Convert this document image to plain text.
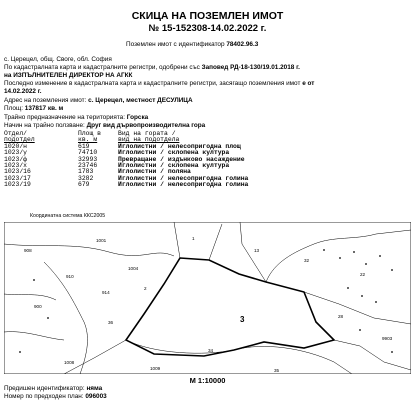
СКИЦА НА ПОЗЕМЛЕН ИМОТ
№ 15-152308-14.02.2022 г.
Поземлен имот с идентификатор 78402.96.3
с. Церецел, общ. Своге, обл. София
По кадастралната карта и кадастралните регистри, одобрени със Заповед РД-18-130/19.01.2018 г.
на ИЗПЪЛНИТЕЛЕН ДИРЕКТОР НА АГКК
Последно изменение в кадастралната карта и кадастралните регистри, засягащо поземления имот е от
14.02.2022 г.
Адрес на поземления имот: с. Церецел, местност ДЕСУЛИЦА
Площ: 137817 кв. м
Трайно предназначение на територията: Горска
Начин на трайно ползване: Друг вид дървопроизводителна гора
Отдел/
подотдел
1020/н
1023/у
1023/ф
1023/х
1023/16
1023/17
1023/19
Площ в
кв. м
619
74710
32993
23746
1783
3282
679
Вид на гората /
вид на подотдела
Иглолистни / нелесопригодна площ
Иглолистни / склопена култура
Превращане / издънково насаждение
Иглолистни / склопена култура
Иглолистни / поляна
Иглолистни / нелесопригодна голина
Иглолистни / нелесопригодна голина
Координатна система ККС2005
3
1001	1
1004
910
908
2
914
900
36
34
32
22
9903
35
1009
1008
13
28
М 1:10000
Предишен идентификатор: няма
Номер по предходен план: 096003
